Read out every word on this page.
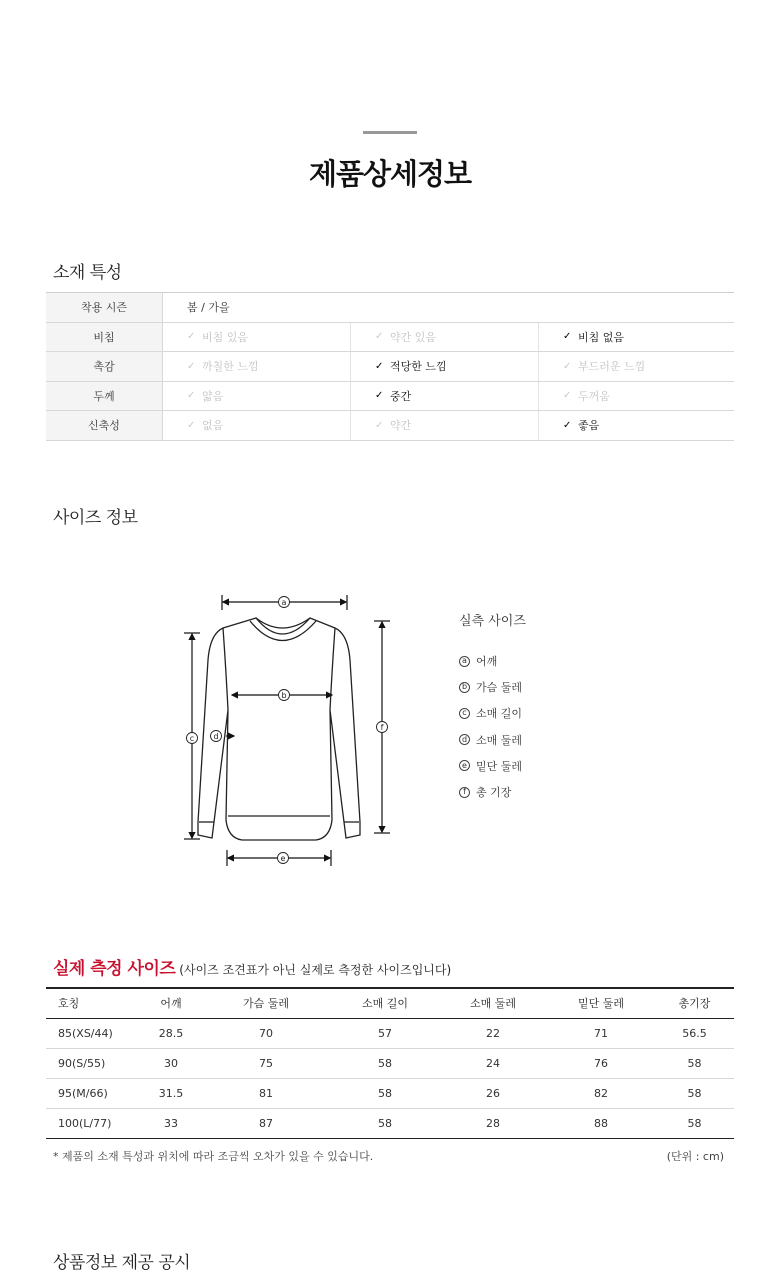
제품상세정보
소재 특성
착용 시즌	봄 / 가을
비침	✓ 비침 있음	✓ 약간 있음	✓ 비침 없음
촉감	✓ 까칠한 느낌	✓ 적당한 느낌	✓ 부드러운 느낌
두께	✓ 얇음	✓ 중간	✓ 두꺼움
신축성	✓ 없음	✓ 약간	✓ 좋음
사이즈 정보
a
b
c d
e
f
실측 사이즈
a 어깨
b 가슴 둘레
c 소매 길이
d 소매 둘레
e 밑단 둘레
f 총 기장
실제 측정 사이즈 (사이즈 조견표가 아닌 실제로 측정한 사이즈입니다)
호칭	어깨	가슴 둘레	소매 길이	소매 둘레	밑단 둘레	총기장
85(XS/44)	28.5	70	57	22	71	56.5
90(S/55)	30	75	58	24	76	58
95(M/66)	31.5	81	58	26	82	58
100(L/77)	33	87	58	28	88	58
* 제품의 소재 특성과 위치에 따라 조금씩 오차가 있을 수 있습니다.	(단위 : cm)
상품정보 제공 공시
